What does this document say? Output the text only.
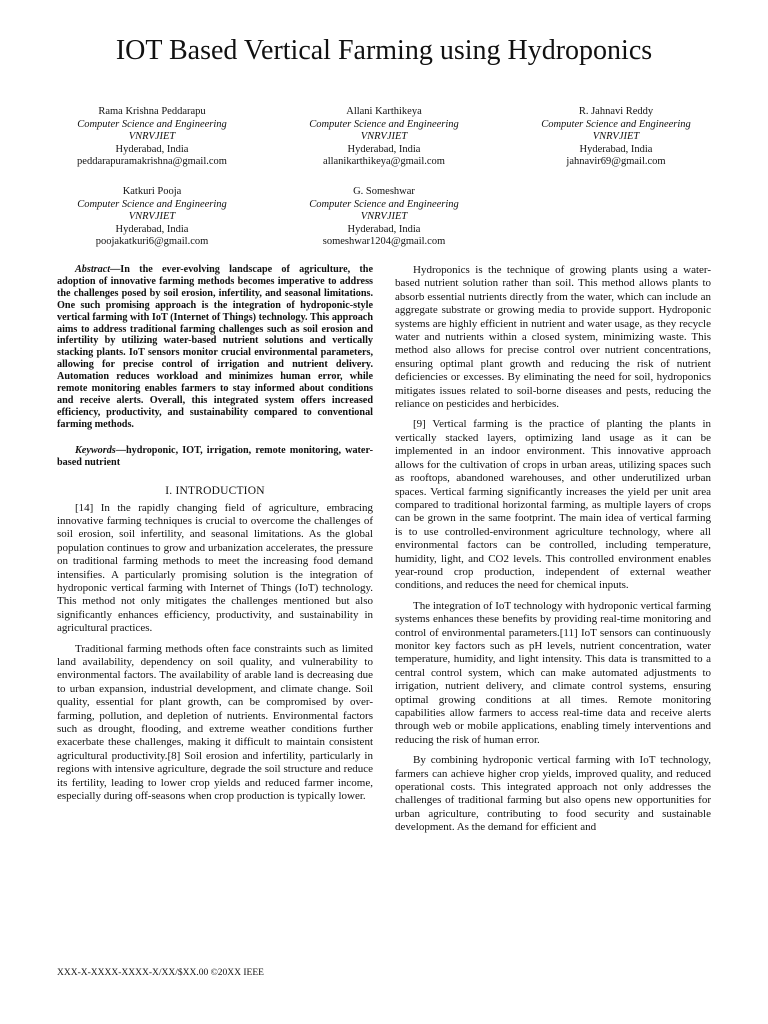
IOT Based Vertical Farming using Hydroponics
Rama Krishna Peddarapu
Computer Science and Engineering
VNRVJIET
Hyderabad, India
peddarapuramakrishna@gmail.com
Allani Karthikeya
Computer Science and Engineering
VNRVJIET
Hyderabad, India
allanikarthikeya@gmail.com
R. Jahnavi Reddy
Computer Science and Engineering
VNRVJIET
Hyderabad, India
jahnavir69@gmail.com
Katkuri Pooja
Computer Science and Engineering
VNRVJIET
Hyderabad, India
poojakatkuri6@gmail.com
G. Someshwar
Computer Science and Engineering
VNRVJIET
Hyderabad, India
someshwar1204@gmail.com

Abstract—In the ever-evolving landscape of agriculture, the adoption of innovative farming methods becomes imperative to address the challenges posed by soil erosion, infertility, and seasonal limitations. One such promising approach is the integration of hydroponic-style vertical farming with IoT (Internet of Things) technology. This approach aims to address traditional farming challenges such as soil erosion and infertility by utilizing water-based nutrient solutions and vertically stacking plants. IoT sensors monitor crucial environmental parameters, allowing for precise control of irrigation and nutrient delivery. Automation reduces workload and minimizes human error, while remote monitoring enables farmers to stay informed about conditions and receive alerts. Overall, this integrated system offers increased efficiency, productivity, and sustainability compared to conventional farming methods.

Keywords—hydroponic, IOT, irrigation, remote monitoring, water-based nutrient

I. INTRODUCTION

[14] In the rapidly changing field of agriculture, embracing innovative farming techniques is crucial to overcome the challenges of soil erosion, soil infertility, and seasonal limitations. As the global population continues to grow and urbanization accelerates, the pressure on traditional farming methods to meet the increasing food demand intensifies. A particularly promising solution is the integration of hydroponic vertical farming with Internet of Things (IoT) technology. This method not only mitigates the challenges mentioned but also significantly enhances efficiency, productivity, and sustainability in agricultural practices.

Traditional farming methods often face constraints such as limited land availability, dependency on soil quality, and vulnerability to environmental factors. The availability of arable land is decreasing due to urban expansion, industrial development, and climate change. Soil quality, essential for plant growth, can be compromised by over-farming, pollution, and depletion of nutrients. Environmental factors such as drought, flooding, and extreme weather conditions further exacerbate these challenges, making it difficult to maintain consistent agricultural productivity.[8] Soil erosion and infertility, particularly in regions with intensive agriculture, degrade the soil structure and reduce its fertility, leading to lower crop yields and reduced farmer income, especially during off-seasons when crop production is typically lower.

Hydroponics is the technique of growing plants using a water-based nutrient solution rather than soil. This method allows plants to absorb essential nutrients directly from the water, which can include an aggregate substrate or growing media to provide support. Hydroponic systems are highly efficient in nutrient and water usage, as they recycle water and nutrients within a closed system, minimizing waste. This method also allows for precise control over nutrient concentrations, ensuring optimal plant growth and reducing the risk of nutrient deficiencies or excesses. By eliminating the need for soil, hydroponics mitigates issues related to soil-borne diseases and pests, reducing the reliance on pesticides and herbicides.

[9] Vertical farming is the practice of planting the plants in vertically stacked layers, optimizing land usage as it can be implemented in an indoor environment. This innovative approach allows for the cultivation of crops in urban areas, utilizing spaces such as rooftops, abandoned warehouses, and other underutilized urban spaces. Vertical farming significantly increases the yield per unit area compared to traditional horizontal farming, as multiple layers of crops can be grown in the same footprint. The main idea of vertical farming is to use controlled-environment agriculture technology, where all environmental factors can be controlled, including temperature, humidity, light, and CO2 levels. This controlled environment enables year-round crop production, independent of external weather conditions, and reduces the need for chemical inputs.

The integration of IoT technology with hydroponic vertical farming systems enhances these benefits by providing real-time monitoring and control of environmental parameters.[11] IoT sensors can continuously monitor key factors such as pH levels, nutrient concentration, water temperature, humidity, and light intensity. This data is transmitted to a central control system, which can make automated adjustments to irrigation, nutrient delivery, and climate control systems, ensuring optimal growing conditions at all times. Remote monitoring capabilities allow farmers to access real-time data and receive alerts through web or mobile applications, enabling timely interventions and reducing the risk of human error.

By combining hydroponic vertical farming with IoT technology, farmers can achieve higher crop yields, improved quality, and reduced operational costs. This integrated approach not only addresses the challenges of traditional farming but also opens new opportunities for urban agriculture, contributing to food security and sustainable development. As the demand for efficient and

XXX-X-XXXX-XXXX-X/XX/$XX.00 ©20XX IEEE
